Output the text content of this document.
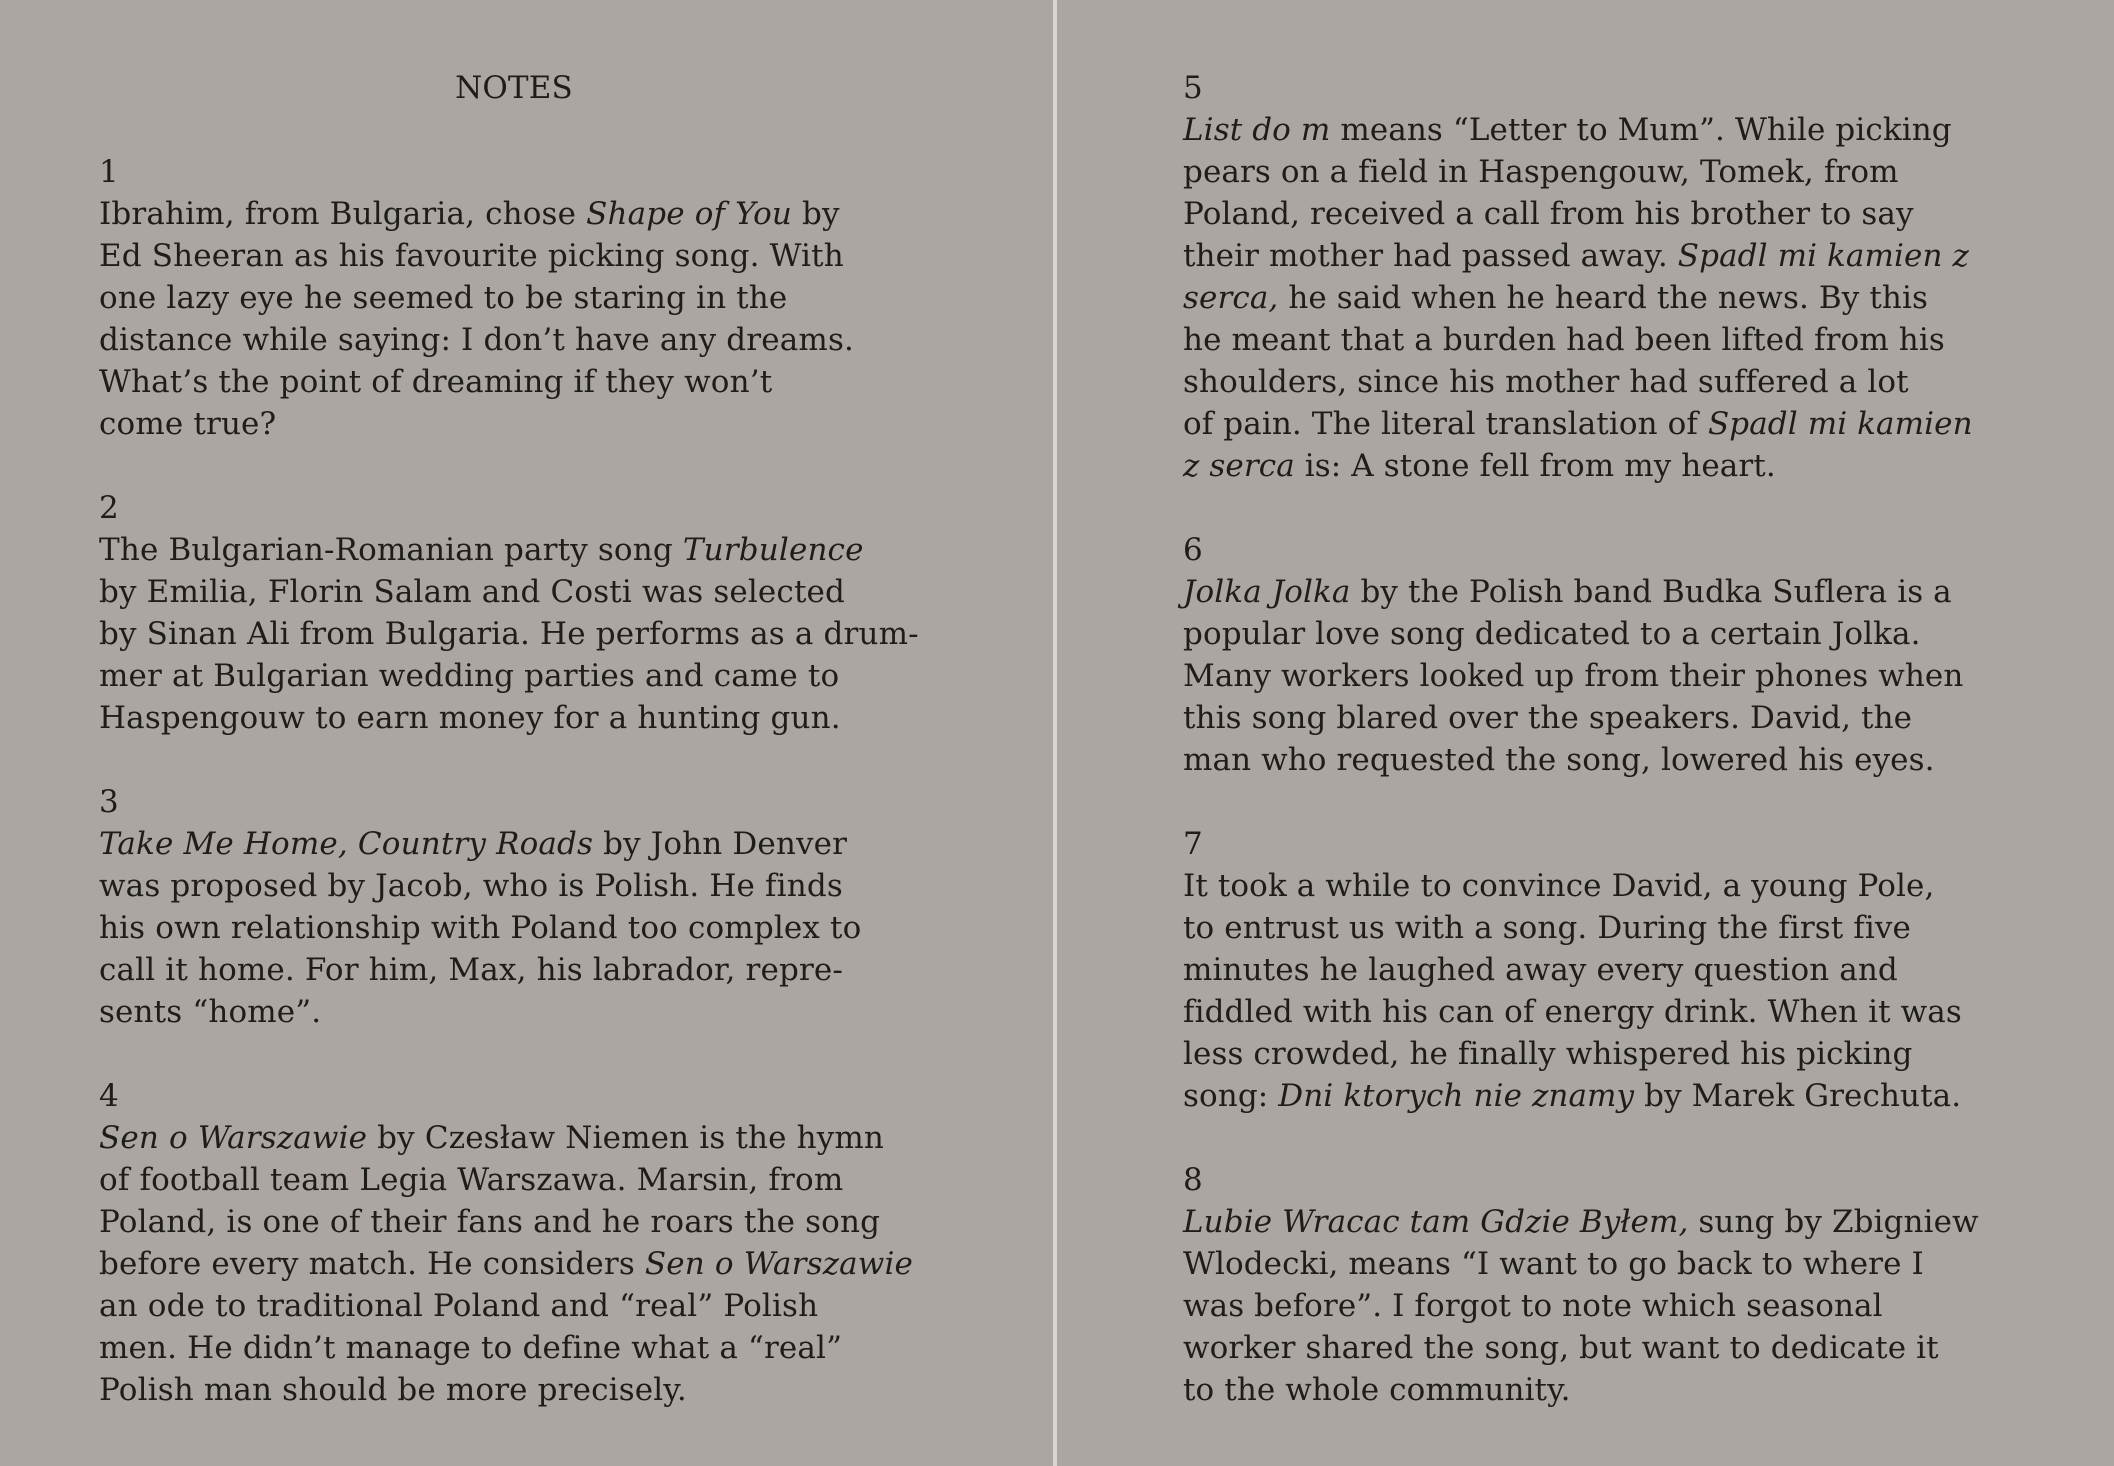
NOTES
1
Ibrahim, from Bulgaria, chose Shape of You by
Ed Sheeran as his favourite picking song. With
one lazy eye he seemed to be staring in the
distance while saying: I don’t have any dreams.
What’s the point of dreaming if they won’t
come true?
2
The Bulgarian-Romanian party song Turbulence
by Emilia, Florin Salam and Costi was selected
by Sinan Ali from Bulgaria. He performs as a drum-
mer at Bulgarian wedding parties and came to
Haspengouw to earn money for a hunting gun.
3
Take Me Home, Country Roads by John Denver
was proposed by Jacob, who is Polish. He finds
his own relationship with Poland too complex to
call it home. For him, Max, his labrador, repre-
sents “home”.
4
Sen o Warszawie by Czesław Niemen is the hymn
of football team Legia Warszawa. Marsin, from
Poland, is one of their fans and he roars the song
before every match. He considers Sen o Warszawie
an ode to traditional Poland and “real” Polish
men. He didn’t manage to define what a “real”
Polish man should be more precisely.
5
List do m means “Letter to Mum”. While picking
pears on a field in Haspengouw, Tomek, from
Poland, received a call from his brother to say
their mother had passed away. Spadl mi kamien z
serca, he said when he heard the news. By this
he meant that a burden had been lifted from his
shoulders, since his mother had suffered a lot
of pain. The literal translation of Spadl mi kamien
z serca is: A stone fell from my heart.
6
Jolka Jolka by the Polish band Budka Suflera is a
popular love song dedicated to a certain Jolka.
Many workers looked up from their phones when
this song blared over the speakers. David, the
man who requested the song, lowered his eyes.
7
It took a while to convince David, a young Pole,
to entrust us with a song. During the first five
minutes he laughed away every question and
fiddled with his can of energy drink. When it was
less crowded, he finally whispered his picking
song: Dni ktorych nie znamy by Marek Grechuta.
8
Lubie Wracac tam Gdzie Byłem, sung by Zbigniew
Wlodecki, means “I want to go back to where I
was before”. I forgot to note which seasonal
worker shared the song, but want to dedicate it
to the whole community.
